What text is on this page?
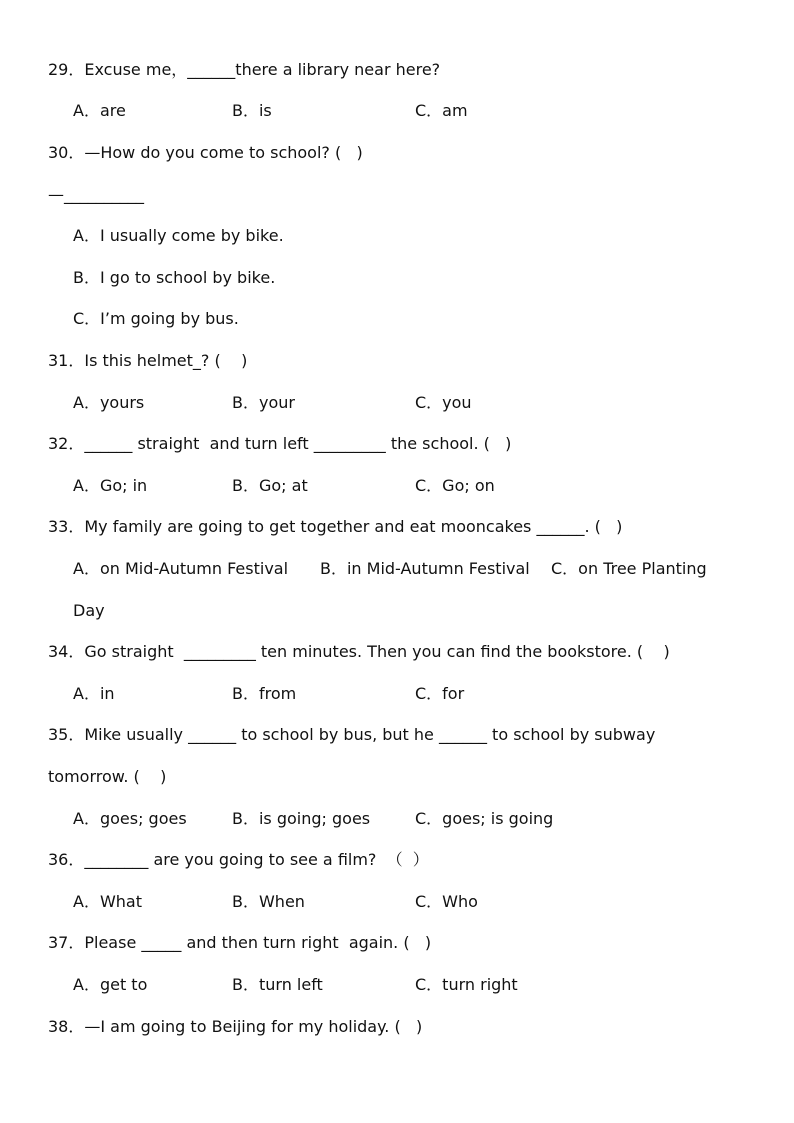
29．Excuse me，______there a library near here?
A．are	B．is	C．am
30．—How do you come to school? (   )
—__________
A．I usually come by bike.
B．I go to school by bike.
C．I’m going by bus.
31．Is this helmet_? (    )
A．yours	B．your	C．you
32．______ straight  and turn left _________ the school. (   )
A．Go; in	B．Go; at	C．Go; on
33．My family are going to get together and eat mooncakes ______. (   )
A．on Mid-Autumn Festival B．in Mid-Autumn Festival C．on Tree Planting
Day
34．Go straight  _________ ten minutes. Then you can find the bookstore. (    )
A．in	B．from	C．for
35．Mike usually ______ to school by bus, but he ______ to school by subway
tomorrow. (    )
A．goes; goes	B．is going; goes	C．goes; is going
36．________ are you going to see a film?  （  ）
A．What	B．When	C．Who
37．Please _____ and then turn right  again. (   )
A．get to	B．turn left	C．turn right
38．—I am going to Beijing for my holiday. (   )
